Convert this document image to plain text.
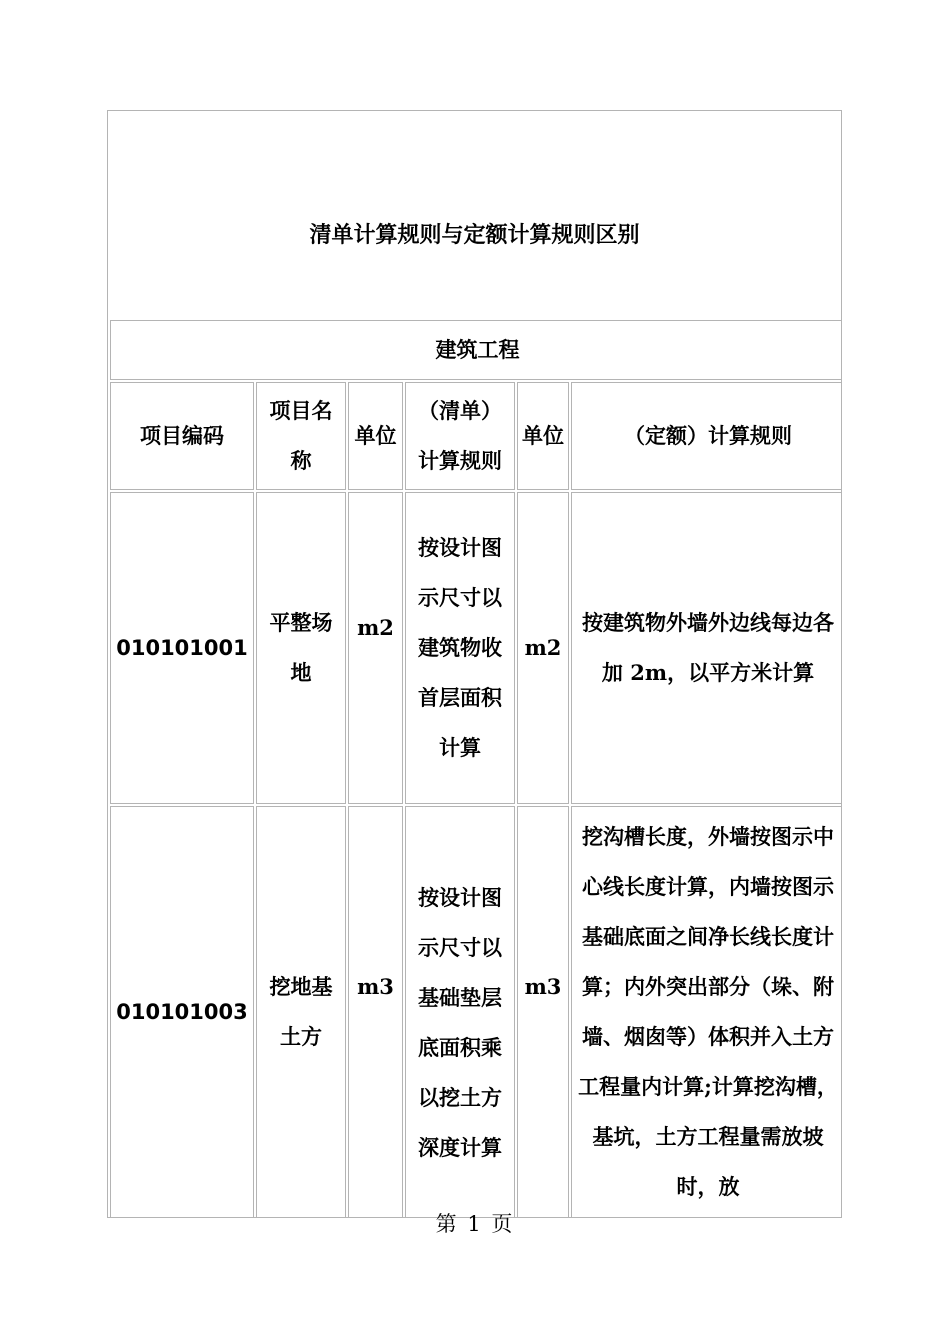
清单计算规则与定额计算规则区别
建筑工程					
项目编码	项目名称	单位	（清单）计算规则	单位	（定额）计算规则
010101001	平整场地	m2	按设计图示尺寸以建筑物收首层面积计算	m2	按建筑物外墙外边线每边各加 2m，以平方米计算
010101003	挖地基土方	m3	按设计图示尺寸以基础垫层底面积乘以挖土方深度计算	m3	挖沟槽长度，外墙按图示中心线长度计算，内墙按图示基础底面之间净长线长度计算；内外突出部分（垛、附墙、烟囱等）体积并入土方工程量内计算;计算挖沟槽，基坑，土方工程量需放坡时，放
第 1 页
